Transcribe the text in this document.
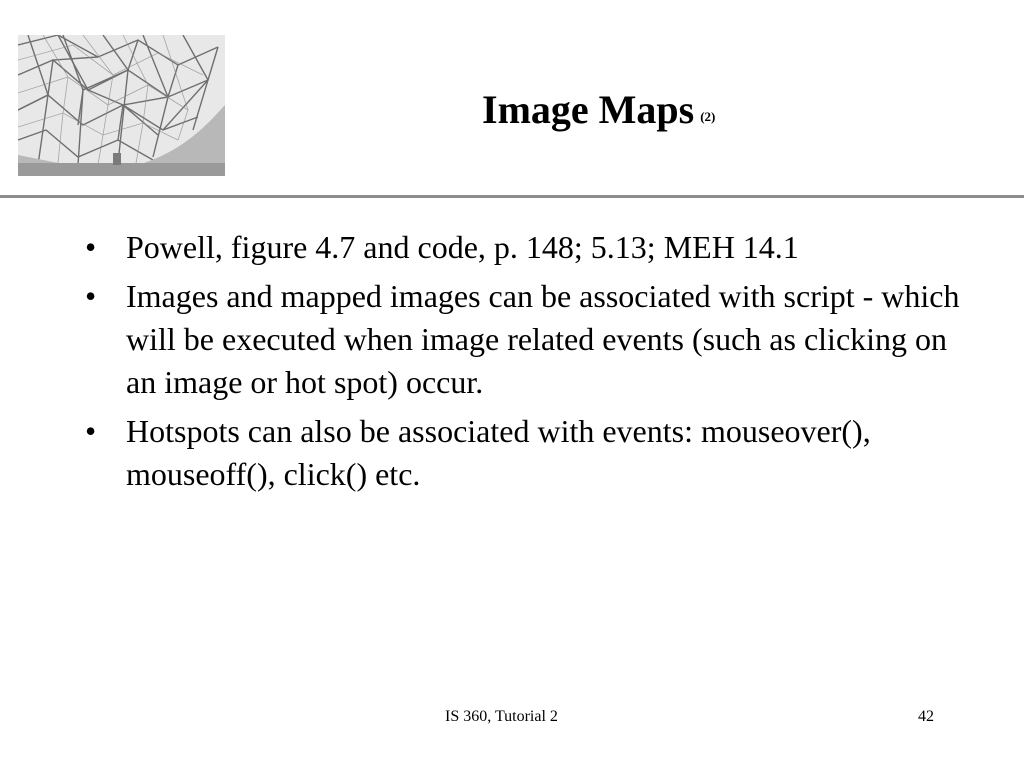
Image Maps (2)
• Powell, figure 4.7 and code, p. 148; 5.13; MEH 14.1
• Images and mapped images can be associated with script - which will be executed when image related events (such as clicking on an image or hot spot) occur.
• Hotspots can also be associated with events: mouseover(), mouseoff(), click() etc.
IS 360, Tutorial 2	42
